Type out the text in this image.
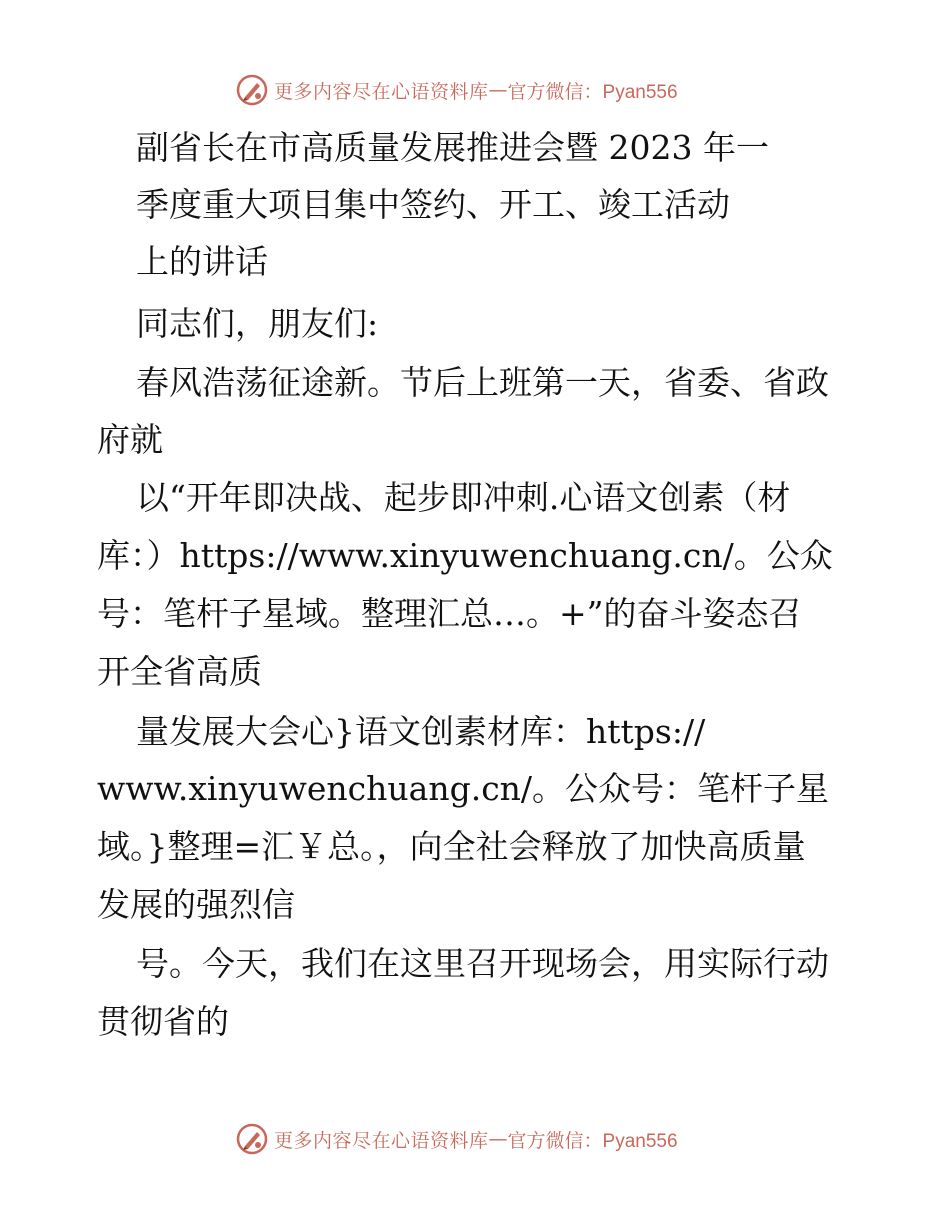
更多内容尽在心语资料库 — 官方微信：Pyan556
副省长在市高质量发展推进会暨 2023 年一
季度重大项目集中签约、开工、竣工活动
上的讲话
同志们，朋友们:
春风浩荡征途新。节后上班第一天，省委、省政
府就
以“开年即决战、起步即冲刺.心语文创素（材
库：）https://www.xinyuwenchuang.cn/。公众
号：笔杆子星域。整理汇总…。+”的奋斗姿态召
开全省高质
量发展大会心}语文创素材库：https://
www.xinyuwenchuang.cn/。公众号：笔杆子星
域。}整理=汇￥总。，向全社会释放了加快高质量
发展的强烈信
号。今天，我们在这里召开现场会，用实际行动
贯彻省的
更多内容尽在心语资料库 — 官方微信：Pyan556
